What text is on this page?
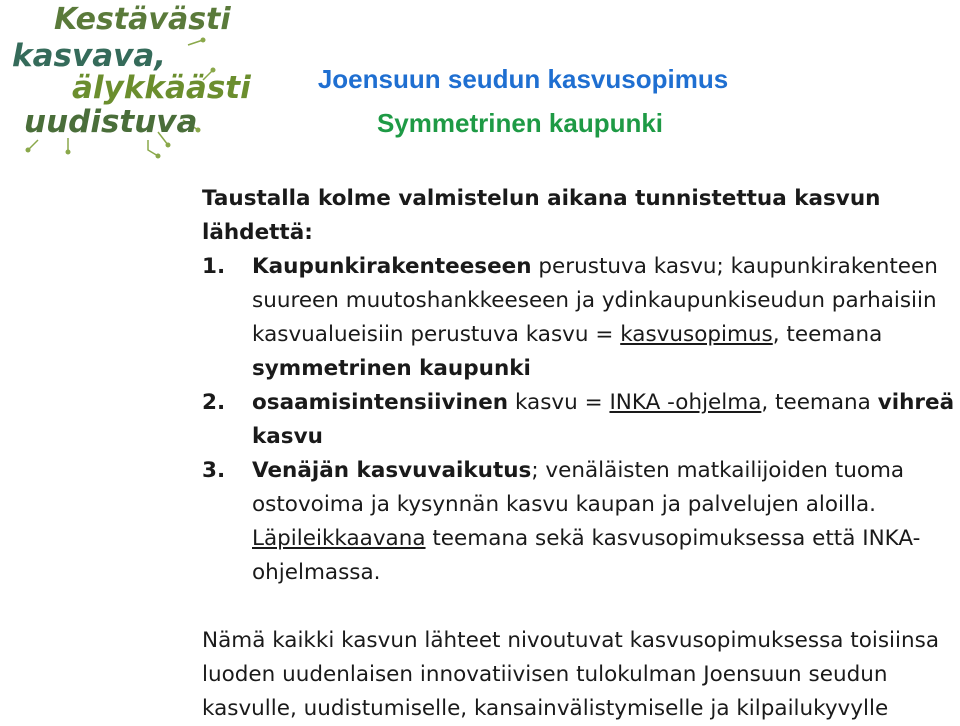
Kestävästi
kasvava,
älykkäästi
uudistuva
Joensuun seudun kasvusopimus
Symmetrinen kaupunki

Taustalla kolme valmistelun aikana tunnistettua kasvun lähdettä:

1. Kaupunkirakenteeseen perustuva kasvu; kaupunkirakenteen suureen muutoshankkeeseen ja ydinkaupunkiseudun parhaisiin kasvualueisiin perustuva kasvu = kasvusopimus, teemana symmetrinen kaupunki

2. osaamisintensiivinen kasvu = INKA -ohjelma, teemana vihreä kasvu

3. Venäjän kasvuvaikutus; venäläisten matkailijoiden tuoma ostovoima ja kysynnän kasvu kaupan ja palvelujen aloilla. Läpileikkaavana teemana sekä kasvusopimuksessa että INKA-ohjelmassa.

Nämä kaikki kasvun lähteet nivoutuvat kasvusopimuksessa toisiinsa luoden uudenlaisen innovatiivisen tulokulman Joensuun seudun kasvulle, uudistumiselle, kansainvälistymiselle ja kilpailukyvylle
